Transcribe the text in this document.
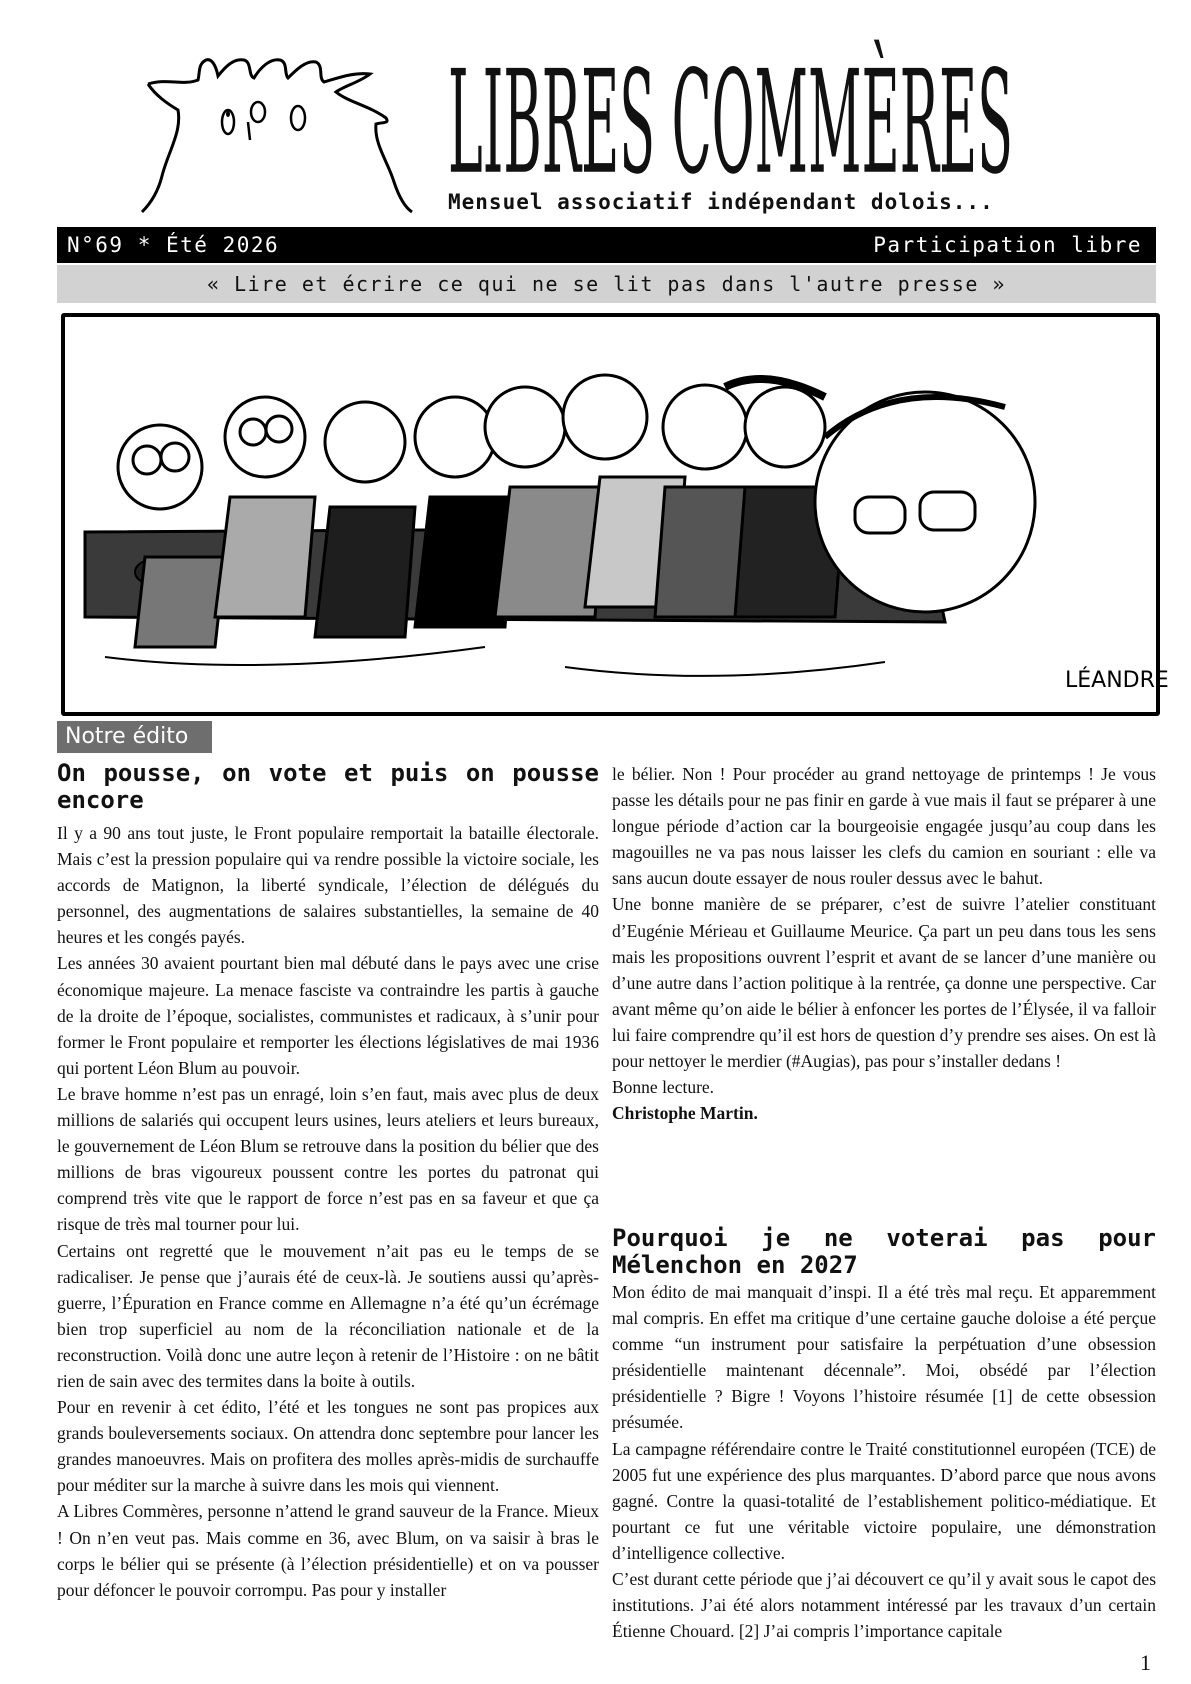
LIBRES COMMÈRES
Mensuel associatif indépendant dolois...
N°69 * Été 2026	Participation libre
« Lire et écrire ce qui ne se lit pas dans l'autre presse »
LÉANDRE
Notre édito
On pousse, on vote et puis on pousse encore

Il y a 90 ans tout juste, le Front populaire remportait la bataille électorale. Mais c’est la pression populaire qui va rendre possible la victoire sociale, les accords de Matignon, la liberté syndicale, l’élection de délégués du personnel, des augmentations de salaires substantielles, la semaine de 40 heures et les congés payés.

Les années 30 avaient pourtant bien mal débuté dans le pays avec une crise économique majeure. La menace fasciste va contraindre les partis à gauche de la droite de l’époque, socialistes, communistes et radicaux, à s’unir pour former le Front populaire et remporter les élections législatives de mai 1936 qui portent Léon Blum au pouvoir.

Le brave homme n’est pas un enragé, loin s’en faut, mais avec plus de deux millions de salariés qui occupent leurs usines, leurs ateliers et leurs bureaux, le gouvernement de Léon Blum se retrouve dans la position du bélier que des millions de bras vigoureux poussent contre les portes du patronat qui comprend très vite que le rapport de force n’est pas en sa faveur et que ça risque de très mal tourner pour lui.

Certains ont regretté que le mouvement n’ait pas eu le temps de se radicaliser. Je pense que j’aurais été de ceux-là. Je soutiens aussi qu’après-guerre, l’Épuration en France comme en Allemagne n’a été qu’un écrémage bien trop superficiel au nom de la réconciliation nationale et de la reconstruction. Voilà donc une autre leçon à retenir de l’Histoire : on ne bâtit rien de sain avec des termites dans la boite à outils.

Pour en revenir à cet édito, l’été et les tongues ne sont pas propices aux grands bouleversements sociaux. On attendra donc septembre pour lancer les grandes manoeuvres. Mais on profitera des molles après-midis de surchauffe pour méditer sur la marche à suivre dans les mois qui viennent.

A Libres Commères, personne n’attend le grand sauveur de la France. Mieux ! On n’en veut pas. Mais comme en 36, avec Blum, on va saisir à bras le corps le bélier qui se présente (à l’élection présidentielle) et on va pousser pour défoncer le pouvoir corrompu. Pas pour y installer

le bélier. Non ! Pour procéder au grand nettoyage de printemps ! Je vous passe les détails pour ne pas finir en garde à vue mais il faut se préparer à une longue période d’action car la bourgeoisie engagée jusqu’au coup dans les magouilles ne va pas nous laisser les clefs du camion en souriant : elle va sans aucun doute essayer de nous rouler dessus avec le bahut.

Une bonne manière de se préparer, c’est de suivre l’atelier constituant d’Eugénie Mérieau et Guillaume Meurice. Ça part un peu dans tous les sens mais les propositions ouvrent l’esprit et avant de se lancer d’une manière ou d’une autre dans l’action politique à la rentrée, ça donne une perspective. Car avant même qu’on aide le bélier à enfoncer les portes de l’Élysée, il va falloir lui faire comprendre qu’il est hors de question d’y prendre ses aises. On est là pour nettoyer le merdier (#Augias), pas pour s’installer dedans !

Bonne lecture.

Christophe Martin.

Pourquoi je ne voterai pas pour Mélenchon en 2027

Mon édito de mai manquait d’inspi. Il a été très mal reçu. Et apparemment mal compris. En effet ma critique d’une certaine gauche doloise a été perçue comme “un instrument pour satisfaire la perpétuation d’une obsession présidentielle maintenant décennale”. Moi, obsédé par l’élection présidentielle ? Bigre ! Voyons l’histoire résumée [1] de cette obsession présumée.

La campagne référendaire contre le Traité constitutionnel européen (TCE) de 2005 fut une expérience des plus marquantes. D’abord parce que nous avons gagné. Contre la quasi-totalité de l’establishement politico-médiatique. Et pourtant ce fut une véritable victoire populaire, une démonstration d’intelligence collective.

C’est durant cette période que j’ai découvert ce qu’il y avait sous le capot des institutions. J’ai été alors notamment intéressé par les travaux d’un certain Étienne Chouard. [2] J’ai compris l’importance capitale

1
